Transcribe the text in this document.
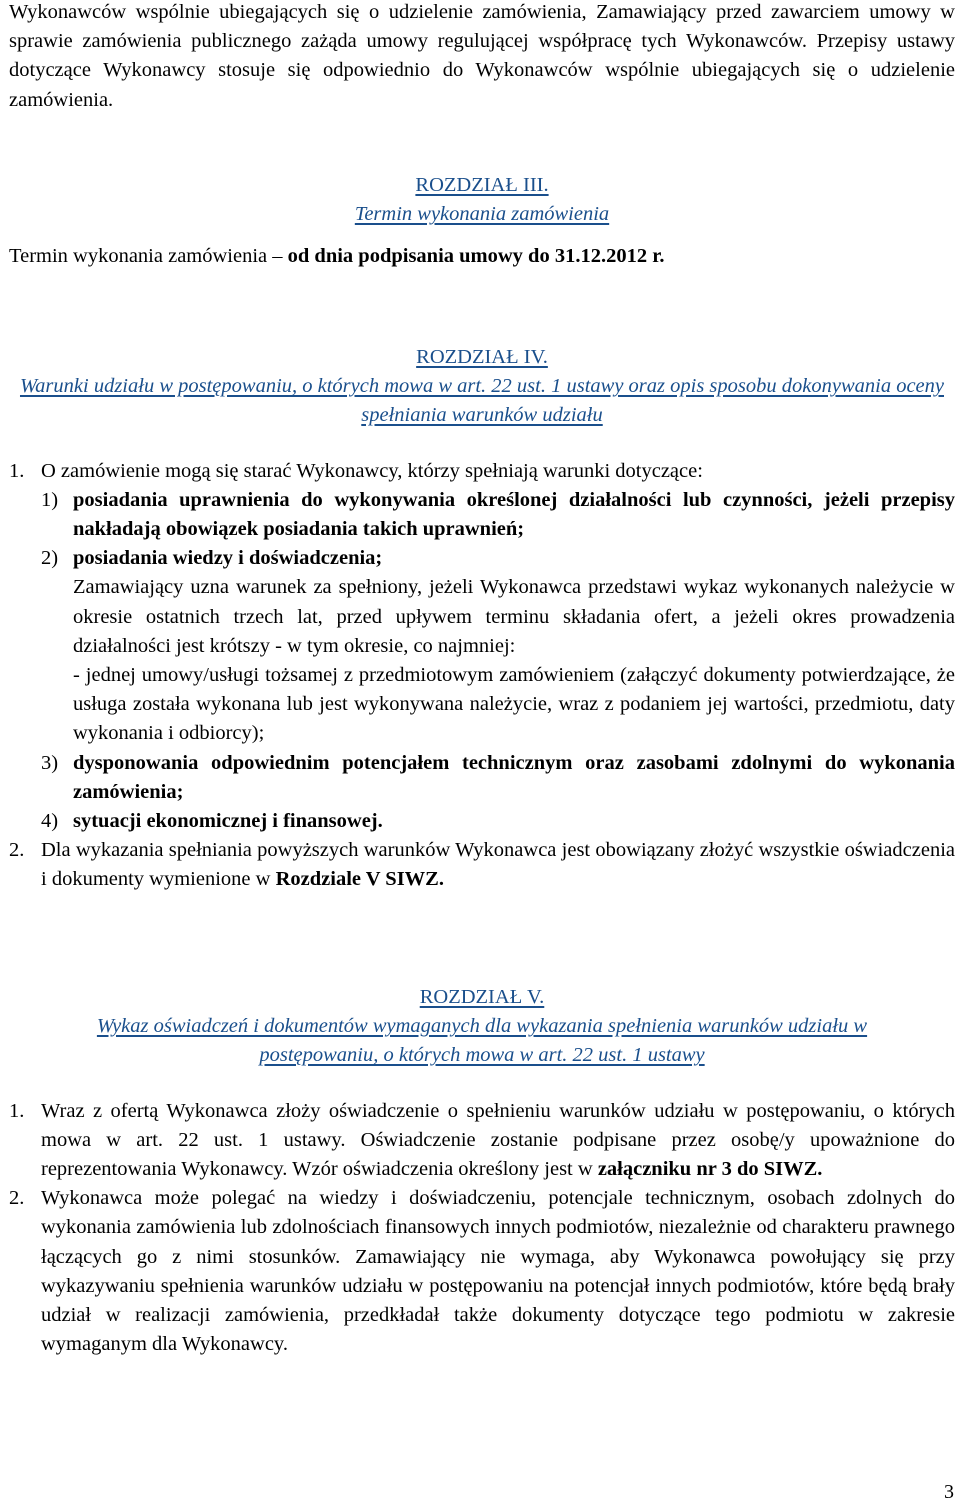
Wykonawców wspólnie ubiegających się o udzielenie zamówienia, Zamawiający przed zawarciem umowy w sprawie zamówienia publicznego zażąda umowy regulującej współpracę tych Wykonawców. Przepisy ustawy dotyczące Wykonawcy stosuje się odpowiednio do Wykonawców wspólnie ubiegających się o udzielenie zamówienia.

ROZDZIAŁ III.

Termin wykonania zamówienia

Termin wykonania zamówienia – od dnia podpisania umowy do 31.12.2012 r.

ROZDZIAŁ IV.

Warunki udziału w postępowaniu, o których mowa w art. 22 ust. 1 ustawy oraz opis sposobu dokonywania oceny spełniania warunków udziału

1. O zamówienie mogą się starać Wykonawcy, którzy spełniają warunki dotyczące:

1) posiadania uprawnienia do wykonywania określonej działalności lub czynności, jeżeli przepisy nakładają obowiązek posiadania takich uprawnień;
2) posiadania wiedzy i doświadczenia;

Zamawiający uzna warunek za spełniony, jeżeli Wykonawca przedstawi wykaz wykonanych należycie w okresie ostatnich trzech lat, przed upływem terminu składania ofert, a jeżeli okres prowadzenia działalności jest krótszy - w tym okresie, co najmniej:

- jednej umowy/usługi tożsamej z przedmiotowym zamówieniem (załączyć dokumenty potwierdzające, że usługa została wykonana lub jest wykonywana należycie, wraz z podaniem jej wartości, przedmiotu, daty wykonania i odbiorcy);

3) dysponowania odpowiednim potencjałem technicznym oraz zasobami zdolnymi do wykonania zamówienia;
4) sytuacji ekonomicznej i finansowej.
2. Dla wykazania spełniania powyższych warunków Wykonawca jest obowiązany złożyć wszystkie oświadczenia i dokumenty wymienione w Rozdziale V SIWZ.

ROZDZIAŁ V.

Wykaz oświadczeń i dokumentów wymaganych dla wykazania spełnienia warunków udziału w postępowaniu, o których mowa w art. 22 ust. 1 ustawy

1. Wraz z ofertą Wykonawca złoży oświadczenie o spełnieniu warunków udziału w postępowaniu, o których mowa w art. 22 ust. 1 ustawy. Oświadczenie zostanie podpisane przez osobę/y upoważnione do reprezentowania Wykonawcy. Wzór oświadczenia określony jest w załączniku nr 3 do SIWZ.
2. Wykonawca może polegać na wiedzy i doświadczeniu, potencjale technicznym, osobach zdolnych do wykonania zamówienia lub zdolnościach finansowych innych podmiotów, niezależnie od charakteru prawnego łączących go z nimi stosunków. Zamawiający nie wymaga, aby Wykonawca powołujący się przy wykazywaniu spełnienia warunków udziału w postępowaniu na potencjał innych podmiotów, które będą brały udział w realizacji zamówienia, przedkładał także dokumenty dotyczące tego podmiotu w zakresie wymaganym dla Wykonawcy.
3
